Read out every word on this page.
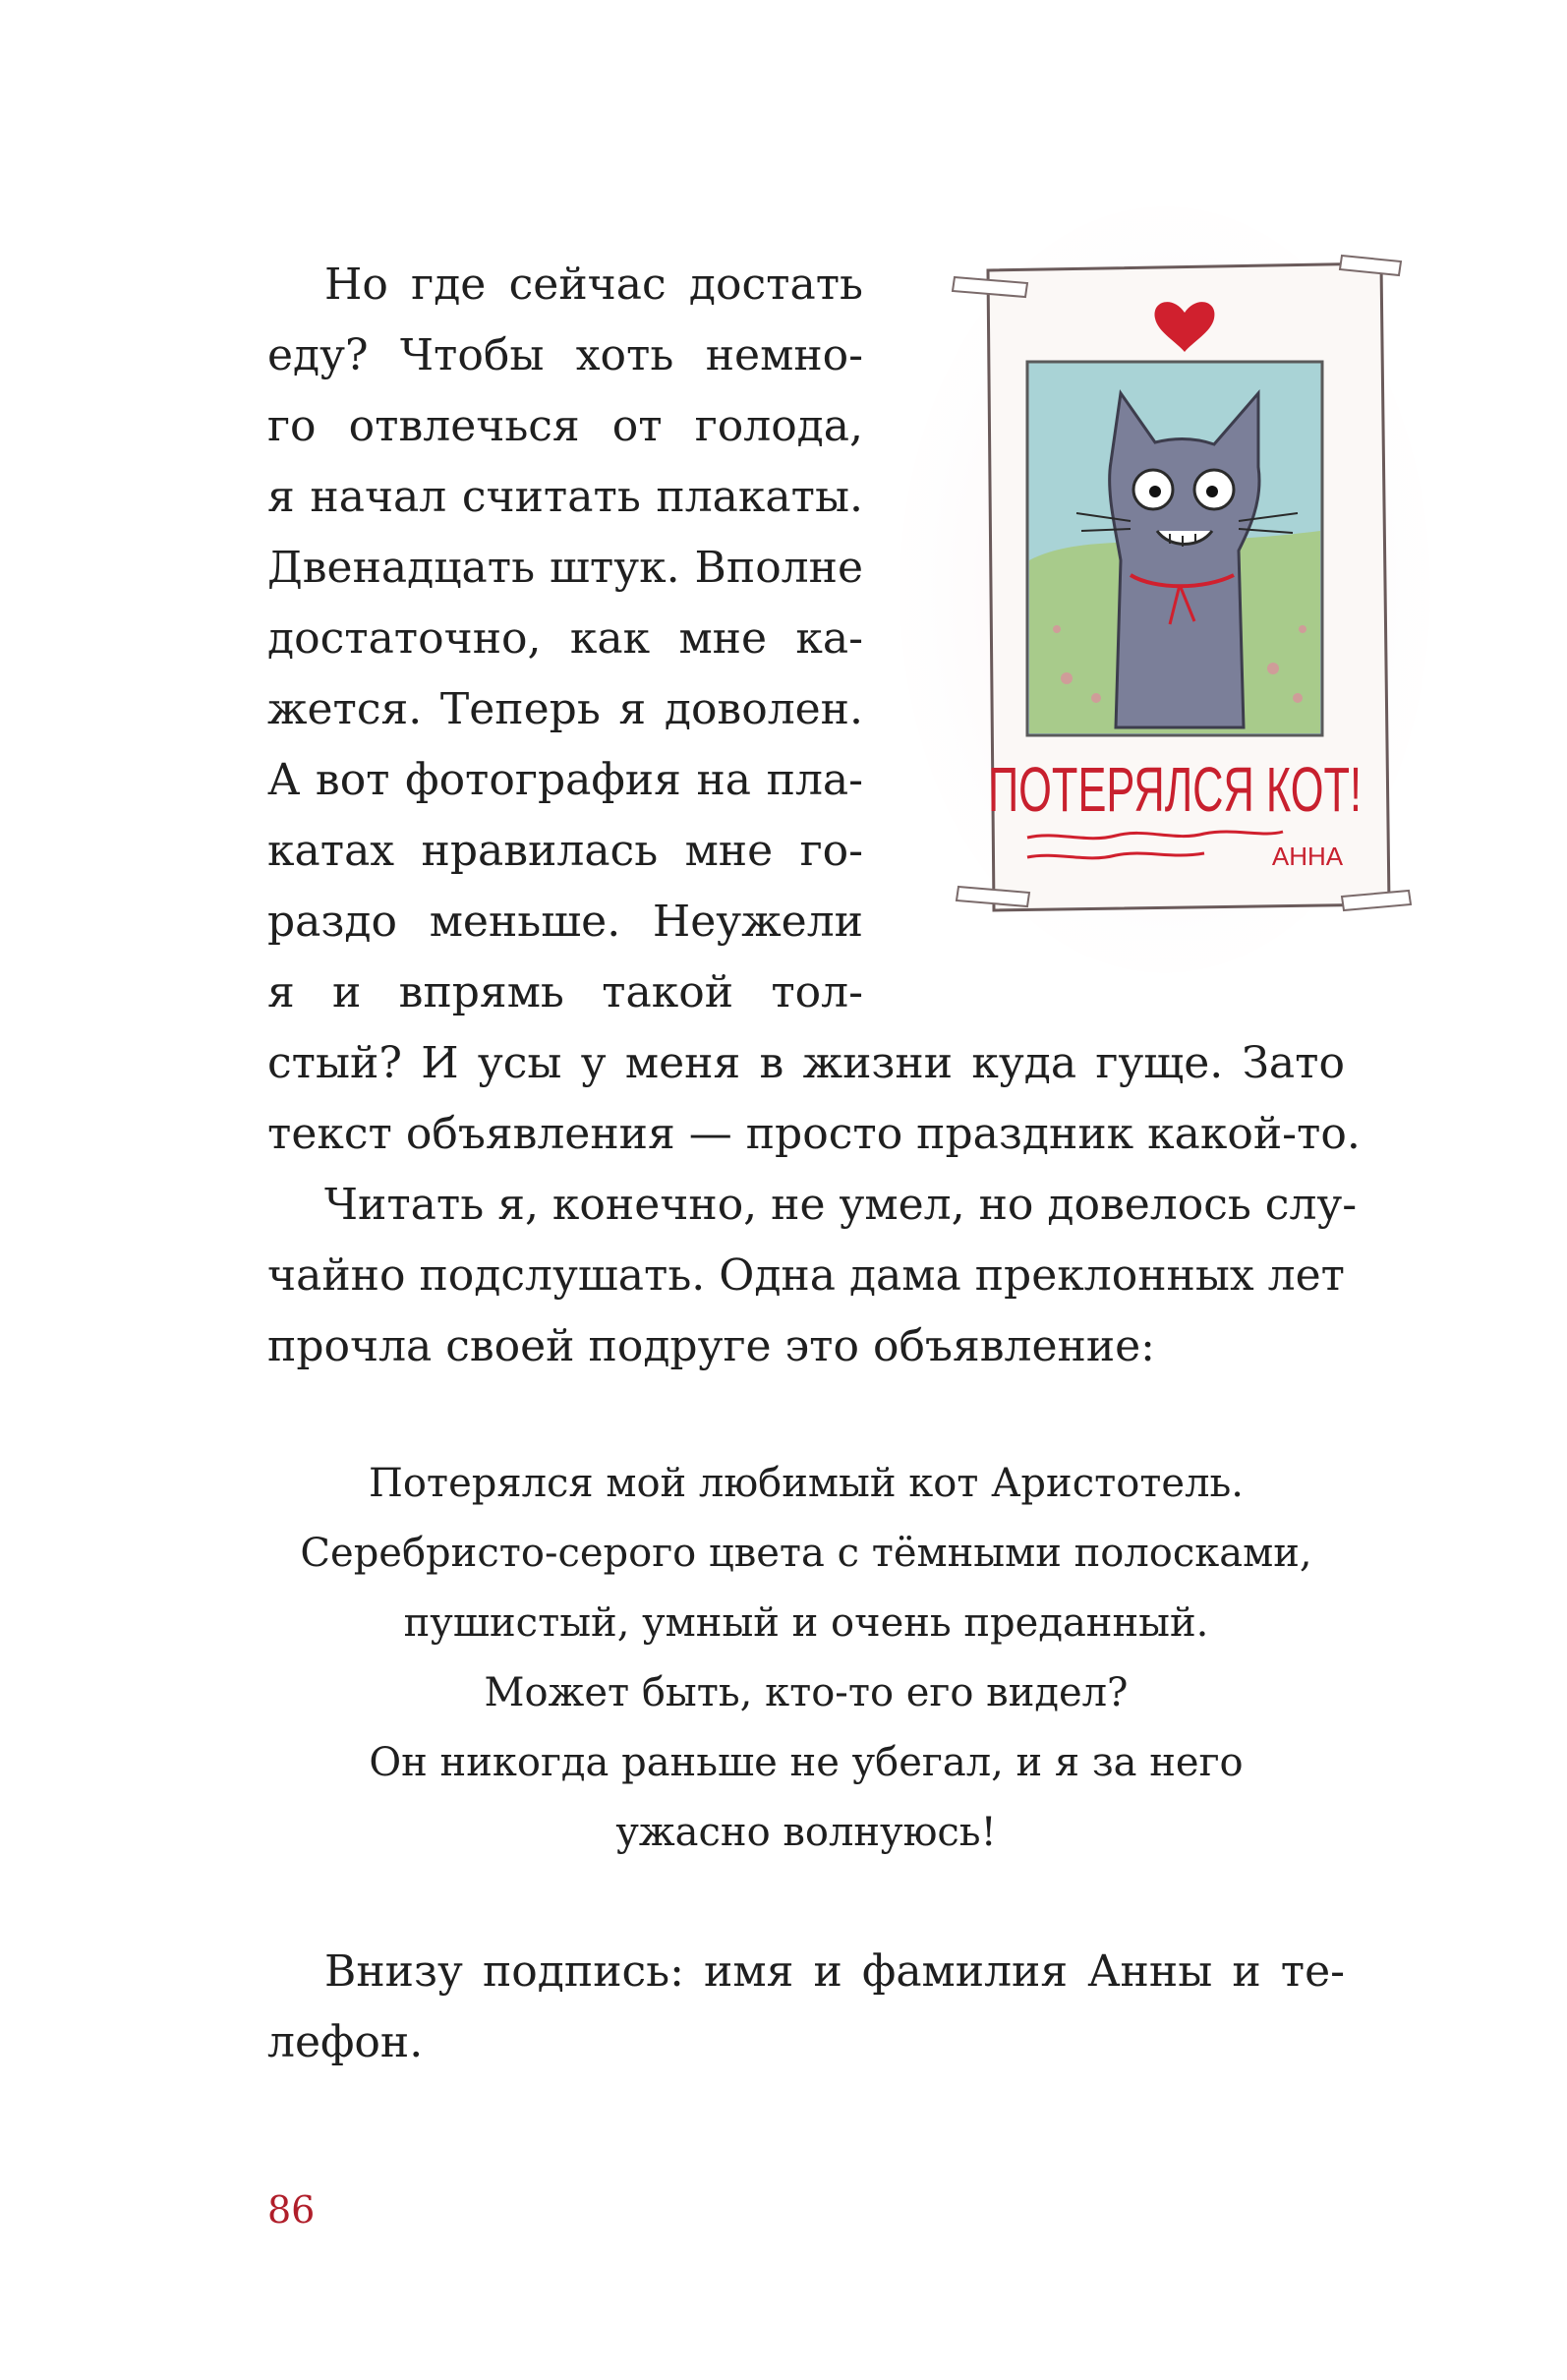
ПОТЕРЯЛСЯ КОТ!
АННА
Но где сейчас достать
еду? Чтобы хоть немно-
го отвлечься от голода,
я начал считать плакаты.
Двенадцать штук. Вполне
достаточно, как мне ка-
жется. Теперь я доволен.
А вот фотография на пла-
катах нравилась мне го-
раздо меньше. Неужели
я и впрямь такой тол-
стый? И усы у меня в жизни куда гуще. Зато
текст объявления — просто праздник какой-то.
Читать я, конечно, не умел, но довелось слу-
чайно подслушать. Одна дама преклонных лет
прочла своей подруге это объявление:
Потерялся мой любимый кот Аристотель.
Серебристо-серого цвета с тёмными полосками,
пушистый, умный и очень преданный.
Может быть, кто-то его видел?
Он никогда раньше не убегал, и я за него
ужасно волнуюсь!
Внизу подпись: имя и фамилия Анны и те-
лефон.
86
